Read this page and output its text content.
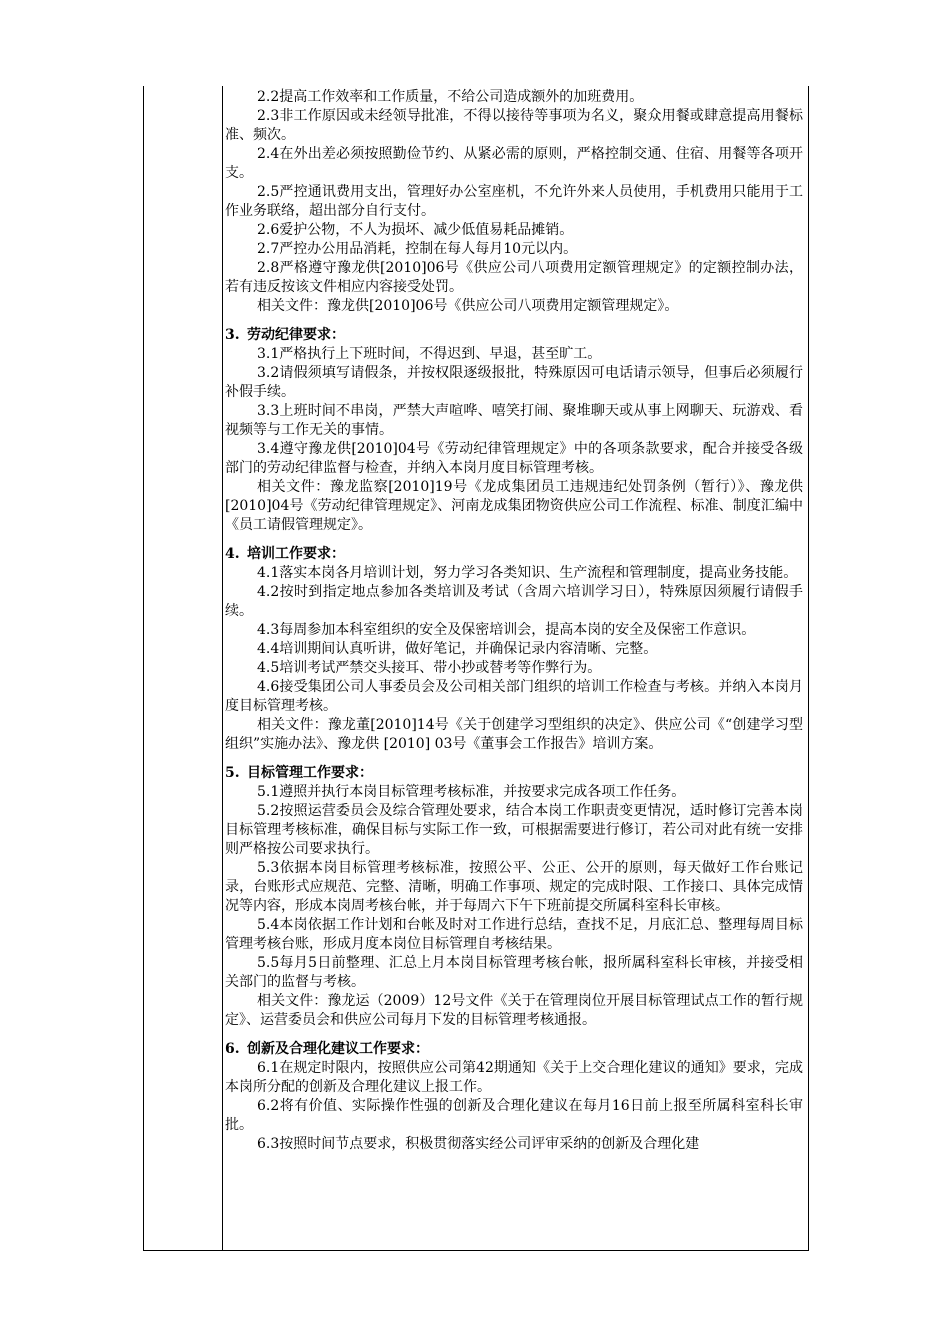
2.2提高工作效率和工作质量，不给公司造成额外的加班费用。

2.3非工作原因或未经领导批准，不得以接待等事项为名义，聚众用餐或肆意提高用餐标准、频次。

2.4在外出差必须按照勤俭节约、从紧必需的原则，严格控制交通、住宿、用餐等各项开支。

2.5严控通讯费用支出，管理好办公室座机，不允许外来人员使用，手机费用只能用于工作业务联络，超出部分自行支付。

2.6爱护公物，不人为损坏、减少低值易耗品摊销。

2.7严控办公用品消耗，控制在每人每月10元以内。

2.8严格遵守豫龙供[2010]06号《供应公司八项费用定额管理规定》的定额控制办法，若有违反按该文件相应内容接受处罚。

相关文件：豫龙供[2010]06号《供应公司八项费用定额管理规定》。

3. 劳动纪律要求：

3.1严格执行上下班时间，不得迟到、早退，甚至旷工。

3.2请假须填写请假条，并按权限逐级报批，特殊原因可电话请示领导，但事后必须履行补假手续。

3.3上班时间不串岗，严禁大声喧哗、嘻笑打闹、聚堆聊天或从事上网聊天、玩游戏、看视频等与工作无关的事情。

3.4遵守豫龙供[2010]04号《劳动纪律管理规定》中的各项条款要求，配合并接受各级部门的劳动纪律监督与检查，并纳入本岗月度目标管理考核。

相关文件：豫龙监察[2010]19号《龙成集团员工违规违纪处罚条例（暂行）》、豫龙供[2010]04号《劳动纪律管理规定》、河南龙成集团物资供应公司工作流程、标准、制度汇编中《员工请假管理规定》。

4. 培训工作要求：

4.1落实本岗各月培训计划，努力学习各类知识、生产流程和管理制度，提高业务技能。

4.2按时到指定地点参加各类培训及考试（含周六培训学习日），特殊原因须履行请假手续。

4.3每周参加本科室组织的安全及保密培训会，提高本岗的安全及保密工作意识。

4.4培训期间认真听讲，做好笔记，并确保记录内容清晰、完整。

4.5培训考试严禁交头接耳、带小抄或替考等作弊行为。

4.6接受集团公司人事委员会及公司相关部门组织的培训工作检查与考核。并纳入本岗月度目标管理考核。

相关文件：豫龙董[2010]14号《关于创建学习型组织的决定》、供应公司《“创建学习型组织”实施办法》、豫龙供 [2010] 03号《董事会工作报告》培训方案。

5. 目标管理工作要求：

5.1遵照并执行本岗目标管理考核标准，并按要求完成各项工作任务。

5.2按照运营委员会及综合管理处要求，结合本岗工作职责变更情况，适时修订完善本岗目标管理考核标准，确保目标与实际工作一致，可根据需要进行修订，若公司对此有统一安排则严格按公司要求执行。

5.3依据本岗目标管理考核标准，按照公平、公正、公开的原则，每天做好工作台账记录，台账形式应规范、完整、清晰，明确工作事项、规定的完成时限、工作接口、具体完成情况等内容，形成本岗周考核台帐，并于每周六下午下班前提交所属科室科长审核。

5.4本岗依据工作计划和台帐及时对工作进行总结，查找不足，月底汇总、整理每周目标管理考核台账，形成月度本岗位目标管理自考核结果。

5.5每月5日前整理、汇总上月本岗目标管理考核台帐，报所属科室科长审核，并接受相关部门的监督与考核。

相关文件：豫龙运（2009）12号文件《关于在管理岗位开展目标管理试点工作的暂行规定》、运营委员会和供应公司每月下发的目标管理考核通报。

6. 创新及合理化建议工作要求：

6.1在规定时限内，按照供应公司第42期通知《关于上交合理化建议的通知》要求，完成本岗所分配的创新及合理化建议上报工作。

6.2将有价值、实际操作性强的创新及合理化建议在每月16日前上报至所属科室科长审批。

6.3按照时间节点要求，积极贯彻落实经公司评审采纳的创新及合理化建
